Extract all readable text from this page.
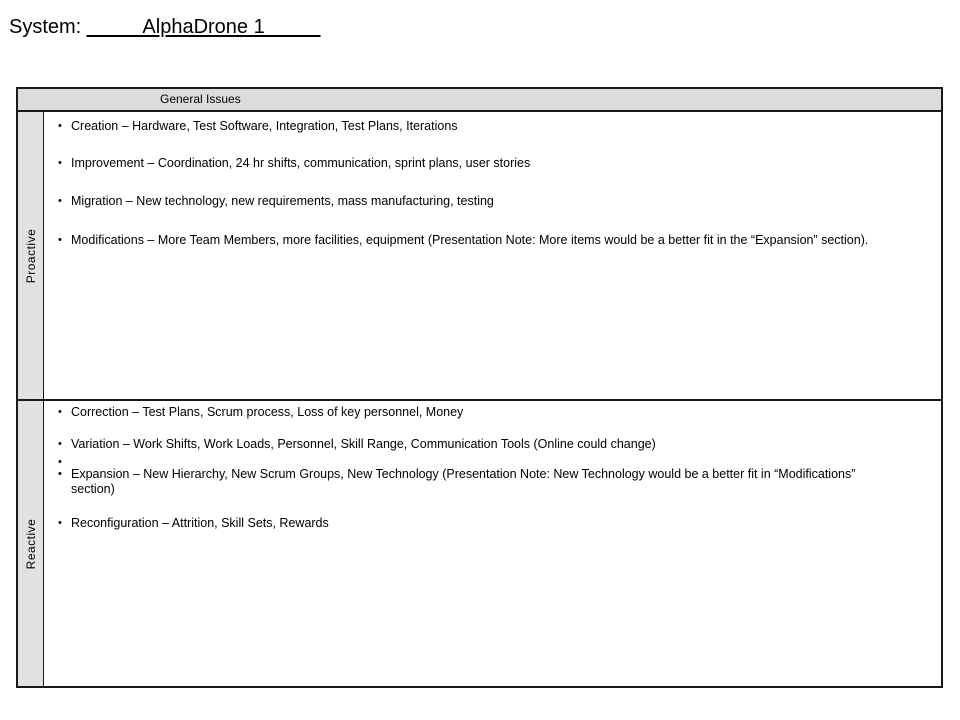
System: _____AlphaDrone 1_____
General Issues
Proactive
• Creation – Hardware, Test Software, Integration, Test Plans, Iterations
• Improvement – Coordination, 24 hr shifts, communication, sprint plans, user stories
• Migration – New technology, new requirements, mass manufacturing, testing
• Modifications – More Team Members, more facilities, equipment (Presentation Note: More items would be a better fit in the “Expansion” section).
Reactive
• Correction – Test Plans, Scrum process, Loss of key personnel, Money
• Variation – Work Shifts, Work Loads, Personnel, Skill Range, Communication Tools (Online could change)
•
• Expansion – New Hierarchy, New Scrum Groups, New Technology (Presentation Note: New Technology would be a better fit in “Modifications” section)
• Reconfiguration – Attrition, Skill Sets, Rewards
